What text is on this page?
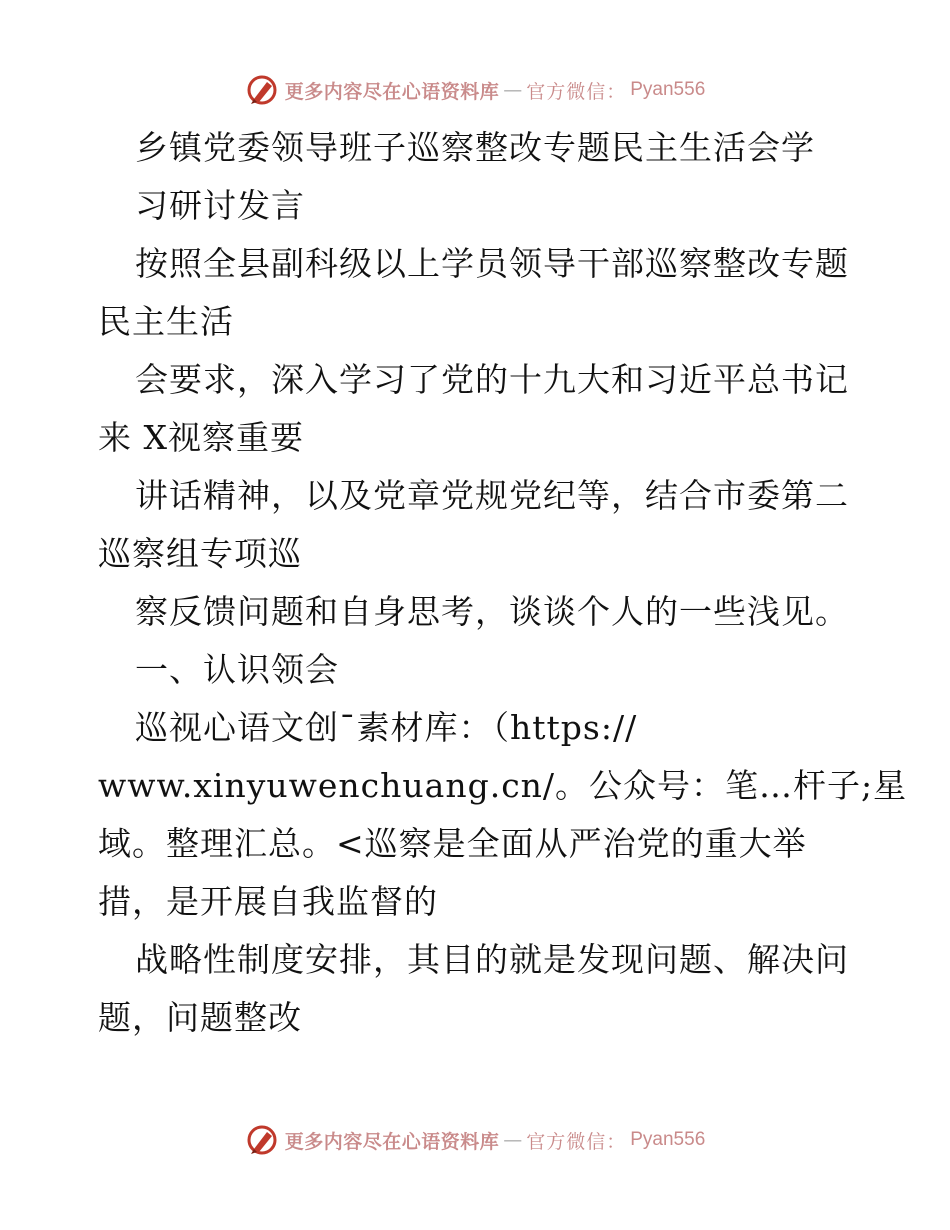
更多内容尽在心语资料库 — 官方微信： Pyan556
乡镇党委领导班子巡察整改专题民主生活会学
习研讨发言
按照全县副科级以上学员领导干部巡察整改专题
民主生活
会要求，深入学习了党的十九大和习近平总书记
来 X视察重要
讲话精神，以及党章党规党纪等，结合市委第二
巡察组专项巡
察反馈问题和自身思考，谈谈个人的一些浅见。
一、认识领会
巡视心语文创¯素材库：（https://
www.xinyuwenchuang.cn/。公众号：笔…杆子;星
域。整理汇总。<巡察是全面从严治党的重大举
措，是开展自我监督的
战略性制度安排，其目的就是发现问题、解决问
题，问题整改
更多内容尽在心语资料库 — 官方微信： Pyan556
